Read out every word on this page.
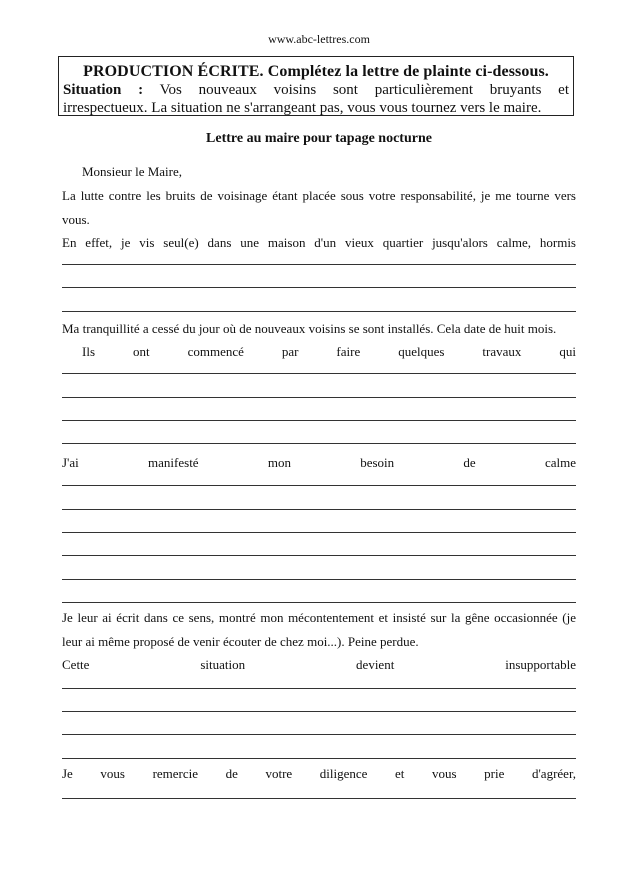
www.abc-lettres.com
PRODUCTION ÉCRITE. Complétez la lettre de plainte ci-dessous.
Situation : Vos nouveaux voisins sont particulièrement bruyants et
irrespectueux. La situation ne s'arrangeant pas, vous vous tournez vers le maire.
Lettre au maire pour tapage nocturne
Monsieur le Maire,
La lutte contre les bruits de voisinage étant placée sous votre responsabilité, je me tourne vers
vous.
En effet, je vis seul(e) dans une maison d'un vieux quartier jusqu'alors calme, hormis
Ma tranquillité a cessé du jour où de nouveaux voisins se sont installés. Cela date de huit mois.
Ils ont commencé par faire quelques travaux qui
J'ai manifesté mon besoin de calme
Je leur ai écrit dans ce sens, montré mon mécontentement et insisté sur la gêne occasionnée (je
leur ai même proposé de venir écouter de chez moi...). Peine perdue.
Cette situation devient insupportable
Je vous remercie de votre diligence et vous prie d'agréer,
